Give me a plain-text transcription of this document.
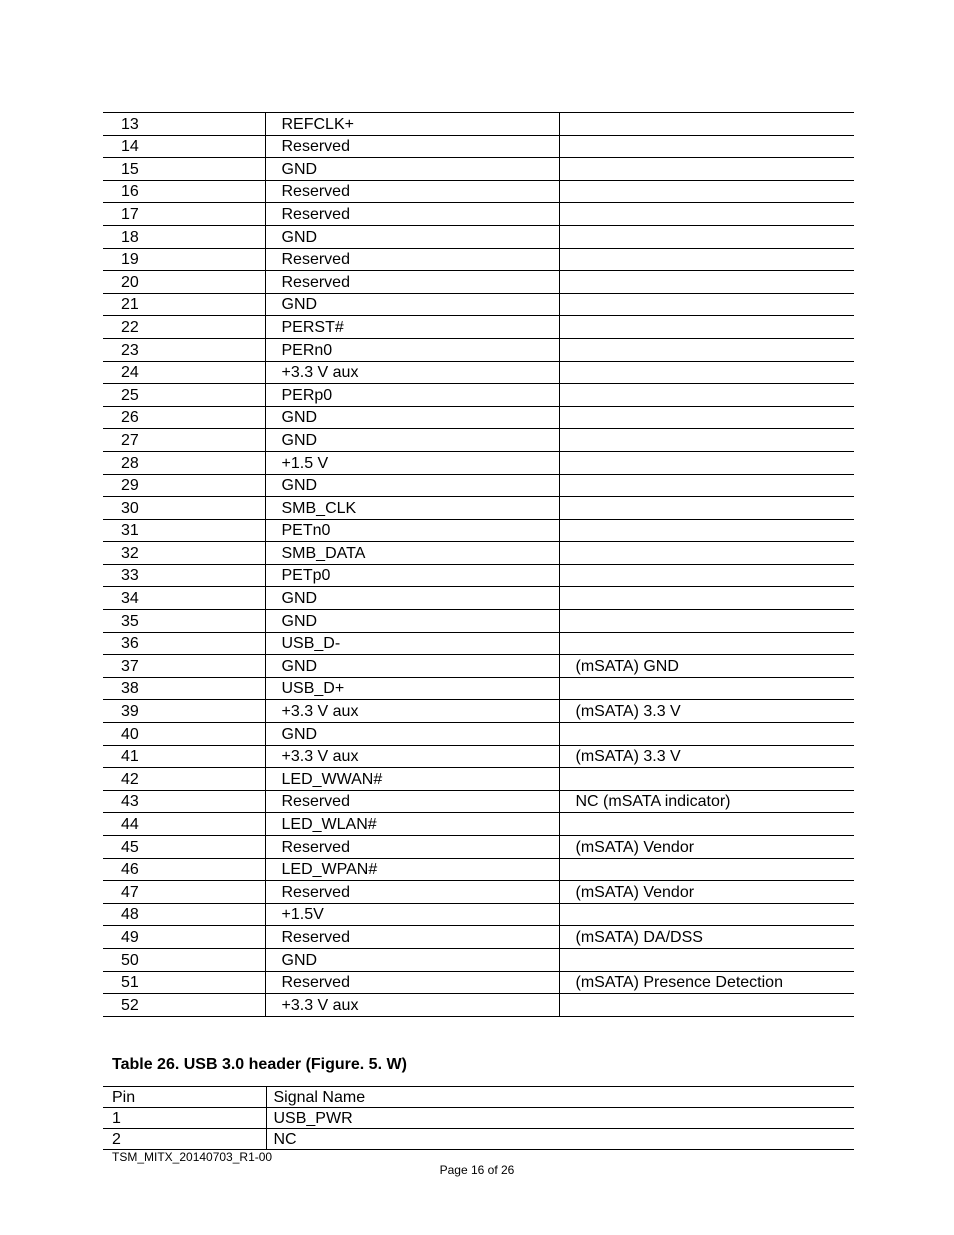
13	REFCLK+	
14	Reserved	
15	GND	
16	Reserved	
17	Reserved	
18	GND	
19	Reserved	
20	Reserved	
21	GND	
22	PERST#	
23	PERn0	
24	+3.3 V aux	
25	PERp0	
26	GND	
27	GND	
28	+1.5 V	
29	GND	
30	SMB_CLK	
31	PETn0	
32	SMB_DATA	
33	PETp0	
34	GND	
35	GND	
36	USB_D-	
37	GND	(mSATA) GND
38	USB_D+	
39	+3.3 V aux	(mSATA) 3.3 V
40	GND	
41	+3.3 V aux	(mSATA) 3.3 V
42	LED_WWAN#	
43	Reserved	NC (mSATA indicator)
44	LED_WLAN#	
45	Reserved	(mSATA) Vendor
46	LED_WPAN#	
47	Reserved	(mSATA) Vendor
48	+1.5V	
49	Reserved	(mSATA) DA/DSS
50	GND	
51	Reserved	(mSATA) Presence Detection
52	+3.3 V aux	
Table 26. USB 3.0 header (Figure. 5. W)
Pin	Signal Name
1	USB_PWR
2	NC
TSM_MITX_20140703_R1-00
Page 16 of 26
